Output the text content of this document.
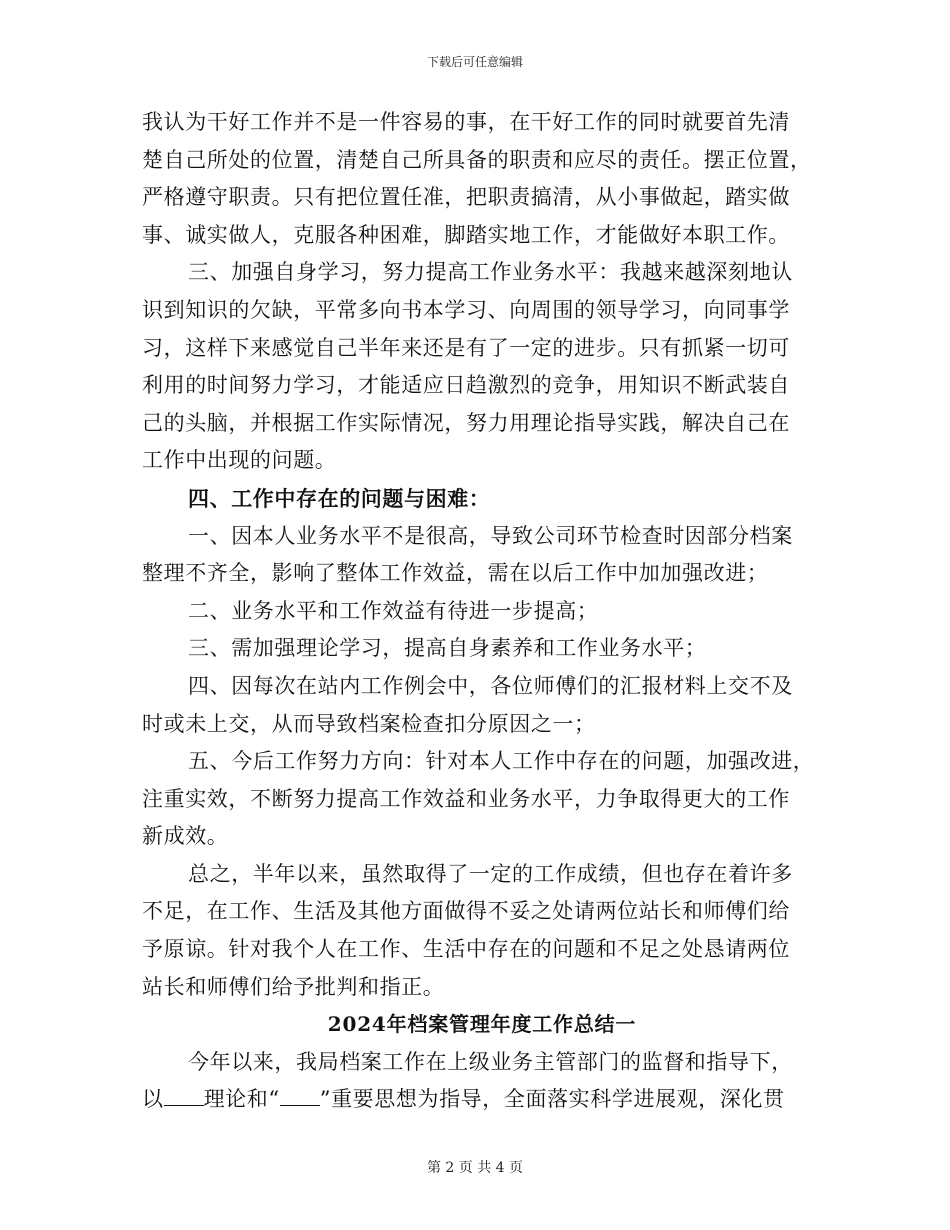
下载后可任意编辑
我认为干好工作并不是一件容易的事，在干好工作的同时就要首先清
楚自己所处的位置，清楚自己所具备的职责和应尽的责任。摆正位置，
严格遵守职责。只有把位置任准，把职责搞清，从小事做起，踏实做
事、诚实做人，克服各种困难，脚踏实地工作，才能做好本职工作。
三、加强自身学习，努力提高工作业务水平：我越来越深刻地认
识到知识的欠缺，平常多向书本学习、向周围的领导学习，向同事学
习，这样下来感觉自己半年来还是有了一定的进步。只有抓紧一切可
利用的时间努力学习，才能适应日趋激烈的竞争，用知识不断武装自
己的头脑，并根据工作实际情况，努力用理论指导实践，解决自己在
工作中出现的问题。
四、工作中存在的问题与困难：
一、因本人业务水平不是很高，导致公司环节检查时因部分档案
整理不齐全，影响了整体工作效益，需在以后工作中加加强改进；
二、业务水平和工作效益有待进一步提高；
三、需加强理论学习，提高自身素养和工作业务水平；
四、因每次在站内工作例会中，各位师傅们的汇报材料上交不及
时或未上交，从而导致档案检查扣分原因之一；
五、今后工作努力方向：针对本人工作中存在的问题，加强改进，
注重实效，不断努力提高工作效益和业务水平，力争取得更大的工作
新成效。
总之，半年以来，虽然取得了一定的工作成绩，但也存在着许多
不足，在工作、生活及其他方面做得不妥之处请两位站长和师傅们给
予原谅。针对我个人在工作、生活中存在的问题和不足之处恳请两位
站长和师傅们给予批判和指正。
2024年档案管理年度工作总结一
今年以来，我局档案工作在上级业务主管部门的监督和指导下，
以 理论和“ ”重要思想为指导，全面落实科学进展观，深化贯
第 2 页 共 4 页
